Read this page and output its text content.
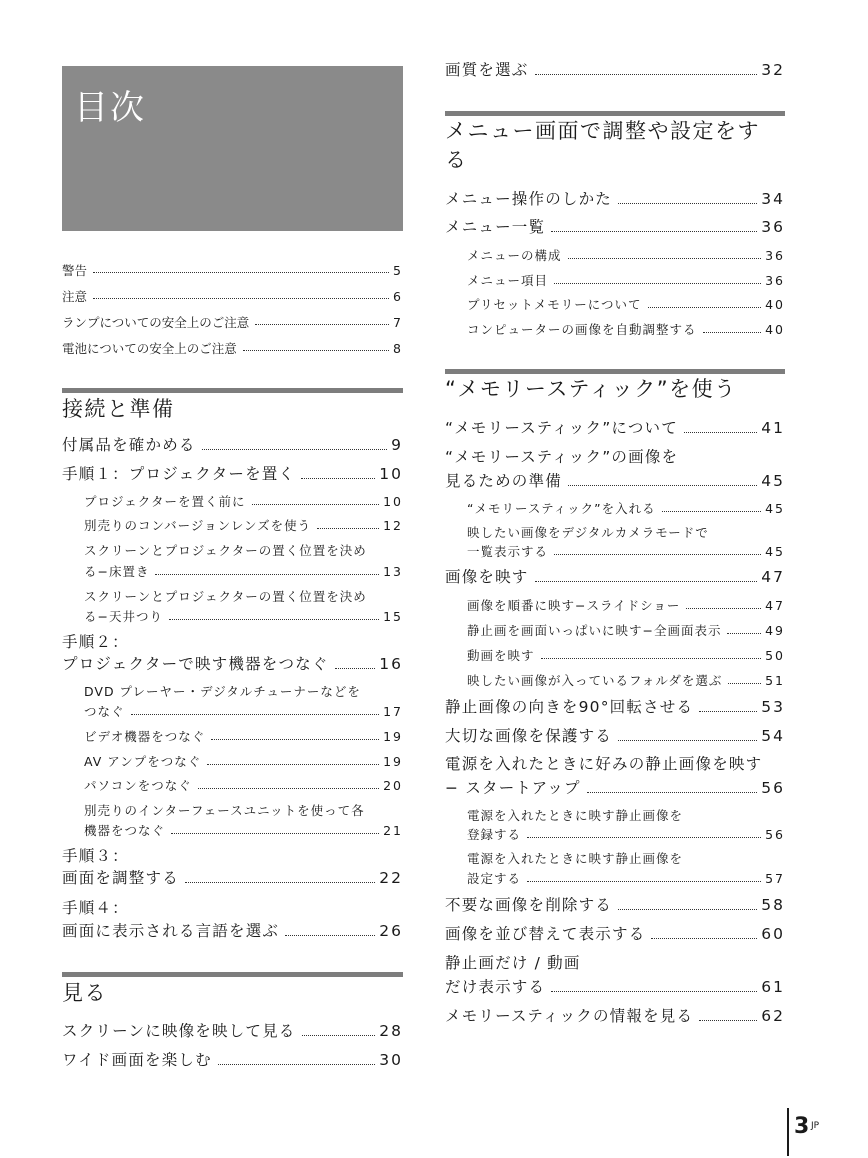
目次
警告	5
注意	6
ランプについての安全上のご注意	7
電池についての安全上のご注意	8
接続と準備
付属品を確かめる	9
手順１：プロジェクターを置く	10
プロジェクターを置く前に	10
別売りのコンバージョンレンズを使う	12
スクリーンとプロジェクターの置く位置を決め
る−床置き	13
スクリーンとプロジェクターの置く位置を決め
る−天井つり	15
手順２：
プロジェクターで映す機器をつなぐ	16
DVD プレーヤー・デジタルチューナーなどを
つなぐ	17
ビデオ機器をつなぐ	19
AV アンプをつなぐ	19
パソコンをつなぐ	20
別売りのインターフェースユニットを使って各
機器をつなぐ	21
手順３：
画面を調整する	22
手順４：
画面に表示される言語を選ぶ	26
見る
スクリーンに映像を映して見る	28
ワイド画面を楽しむ	30
画質を選ぶ	32
メニュー画面で調整や設定をす
る
メニュー操作のしかた	34
メニュー一覧	36
メニューの構成	36
メニュー項目	36
プリセットメモリーについて	40
コンピューターの画像を自動調整する	40
“メモリースティック”を使う
“メモリースティック”について	41
“メモリースティック”の画像を
見るための準備	45
“メモリースティック”を入れる	45
映したい画像をデジタルカメラモードで
一覧表示する	45
画像を映す	47
画像を順番に映す−スライドショー	47
静止画を画面いっぱいに映す−全画面表示	49
動画を映す	50
映したい画像が入っているフォルダを選ぶ	51
静止画像の向きを90°回転させる	53
大切な画像を保護する	54
電源を入れたときに好みの静止画像を映す
− スタートアップ	56
電源を入れたときに映す静止画像を
登録する	56
電源を入れたときに映す静止画像を
設定する	57
不要な画像を削除する	58
画像を並び替えて表示する	60
静止画だけ / 動画
だけ表示する	61
メモリースティックの情報を見る	62
3 JP
